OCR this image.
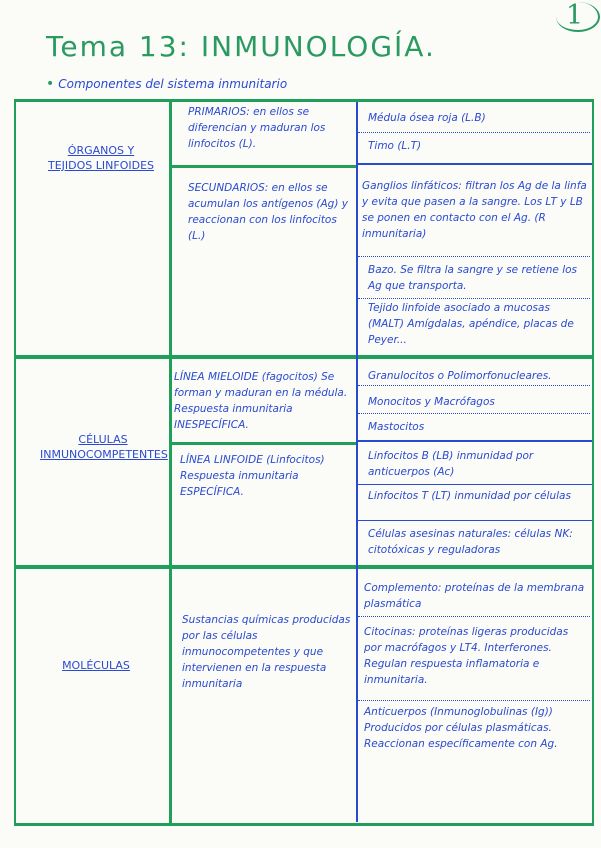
1
Tema 13: INMUNOLOGÍA.
• Componentes del sistema inmunitario
ÓRGANOS Y TEJIDOS LINFOIDES
PRIMARIOS: en ellos se diferencian y maduran los linfocitos (L).
SECUNDARIOS: en ellos se acumulan los antígenos (Ag) y reaccionan con los linfocitos (L.)
Médula ósea roja (L.B)
Timo (L.T)
Ganglios linfáticos: filtran los Ag de la linfa y evita que pasen a la sangre. Los LT y LB se ponen en contacto con el Ag. (R inmunitaria)
Bazo. Se filtra la sangre y se retiene los Ag que transporta.
Tejido linfoide asociado a mucosas (MALT) Amígdalas, apéndice, placas de Peyer...
CÉLULAS INMUNOCOMPETENTES
LÍNEA MIELOIDE (fagocitos) Se forman y maduran en la médula. Respuesta inmunitaria INESPECÍFICA.
LÍNEA LINFOIDE (Linfocitos) Respuesta inmunitaria ESPECÍFICA.
Granulocitos o Polimorfonucleares.
Monocitos y Macrófagos
Mastocitos
Linfocitos B (LB) inmunidad por anticuerpos (Ac)
Linfocitos T (LT) inmunidad por células
Células asesinas naturales: células NK: citotóxicas y reguladoras
MOLÉCULAS
Sustancias químicas producidas por las células inmunocompetentes y que intervienen en la respuesta inmunitaria
Complemento: proteínas de la membrana plasmática
Citocinas: proteínas ligeras producidas por macrófagos y LT4. Interferones. Regulan respuesta inflamatoria e inmunitaria.
Anticuerpos (Inmunoglobulinas (Ig)) Producidos por células plasmáticas. Reaccionan específicamente con Ag.
